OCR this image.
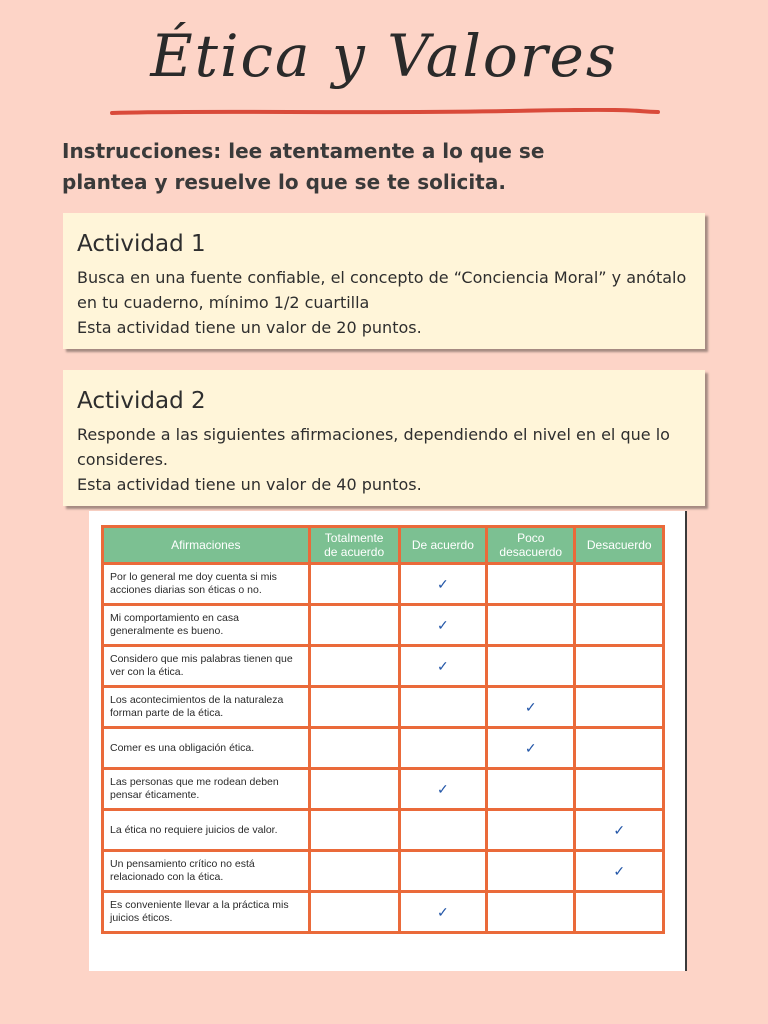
Ética y Valores
Instrucciones: lee atentamente a lo que se plantea y resuelve lo que se te solicita.
Actividad 1
Busca en una fuente confiable, el concepto de “Conciencia Moral” y anótalo en tu cuaderno, mínimo 1/2 cuartilla
Esta actividad tiene un valor de 20 puntos.
Actividad 2
Responde a las siguientes afirmaciones, dependiendo el nivel en el que lo consideres.
Esta actividad tiene un valor de 40 puntos.
Afirmaciones	Totalmente de acuerdo	De acuerdo	Poco desacuerdo	Desacuerdo
Por lo general me doy cuenta si mis acciones diarias son éticas o no.		✓		
Mi comportamiento en casa generalmente es bueno.		✓		
Considero que mis palabras tienen que ver con la ética.		✓		
Los acontecimientos de la naturaleza forman parte de la ética.			✓	
Comer es una obligación ética.			✓	
Las personas que me rodean deben pensar éticamente.		✓		
La ética no requiere juicios de valor.				✓
Un pensamiento crítico no está relacionado con la ética.				✓
Es conveniente llevar a la práctica mis juicios éticos.		✓		
